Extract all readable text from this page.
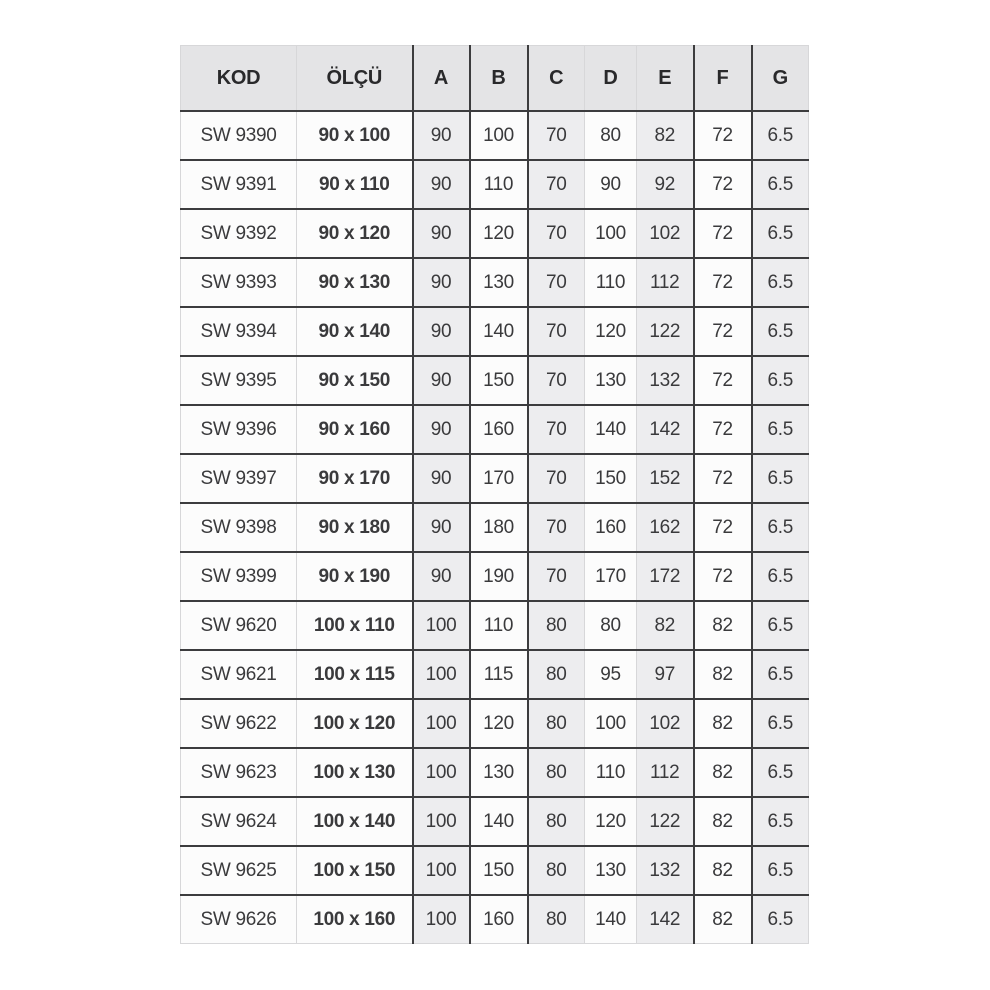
KOD	ÖLÇÜ	A	B	C	D	E	F	G
SW 9390	90 x 100	90	100	70	80	82	72	6.5
SW 9391	90 x 110	90	110	70	90	92	72	6.5
SW 9392	90 x 120	90	120	70	100	102	72	6.5
SW 9393	90 x 130	90	130	70	110	112	72	6.5
SW 9394	90 x 140	90	140	70	120	122	72	6.5
SW 9395	90 x 150	90	150	70	130	132	72	6.5
SW 9396	90 x 160	90	160	70	140	142	72	6.5
SW 9397	90 x 170	90	170	70	150	152	72	6.5
SW 9398	90 x 180	90	180	70	160	162	72	6.5
SW 9399	90 x 190	90	190	70	170	172	72	6.5
SW 9620	100 x 110	100	110	80	80	82	82	6.5
SW 9621	100 x 115	100	115	80	95	97	82	6.5
SW 9622	100 x 120	100	120	80	100	102	82	6.5
SW 9623	100 x 130	100	130	80	110	112	82	6.5
SW 9624	100 x 140	100	140	80	120	122	82	6.5
SW 9625	100 x 150	100	150	80	130	132	82	6.5
SW 9626	100 x 160	100	160	80	140	142	82	6.5
